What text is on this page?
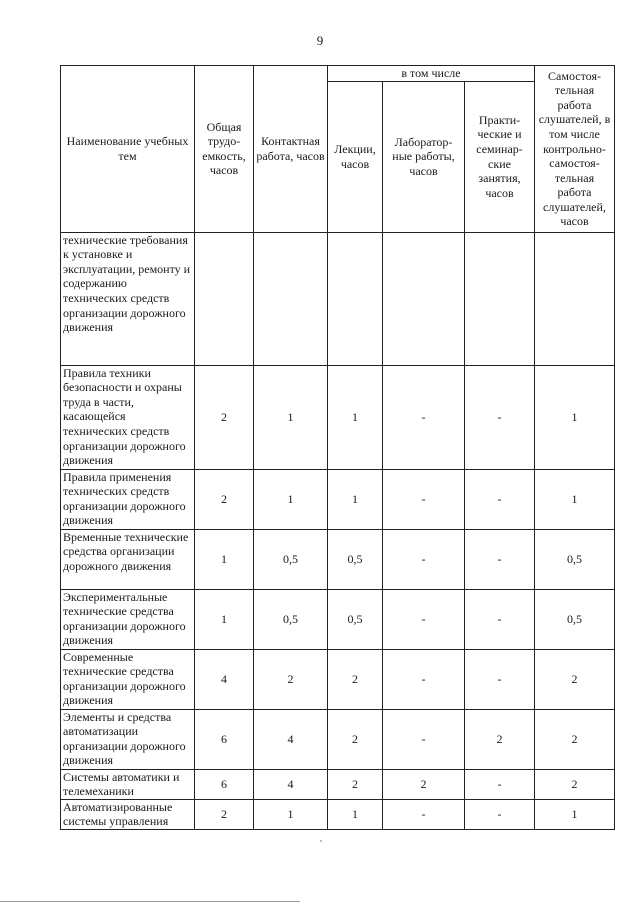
9
Наименование учебных тем	Общая трудо-емкость, часов	Контактная работа, часов	в том числе			Самостоя-тельная работа слушателей, в том числе контрольно-самостоя-тельная работа слушателей, часов
			Лекции, часов	Лаборатор-ные работы, часов	Практи-ческие и семинар-ские занятия, часов	
технические требования к установке и эксплуатации, ремонту и содержанию технических средств организации дорожного движения						
Правила техники безопасности и охраны труда в части, касающейся технических средств организации дорожного движения	2	1	1	-	-	1
Правила применения технических средств организации дорожного движения	2	1	1	-	-	1
Временные технические средства организации дорожного движения	1	0,5	0,5	-	-	0,5
Экспериментальные технические средства организации дорожного движения	1	0,5	0,5	-	-	0,5
Современные технические средства организации дорожного движения	4	2	2	-	-	2
Элементы и средства автоматизации организации дорожного движения	6	4	2	-	2	2
Системы автоматики и телемеханики	6	4	2	2	-	2
Автоматизированные системы управления	2	1	1	-	-	1
